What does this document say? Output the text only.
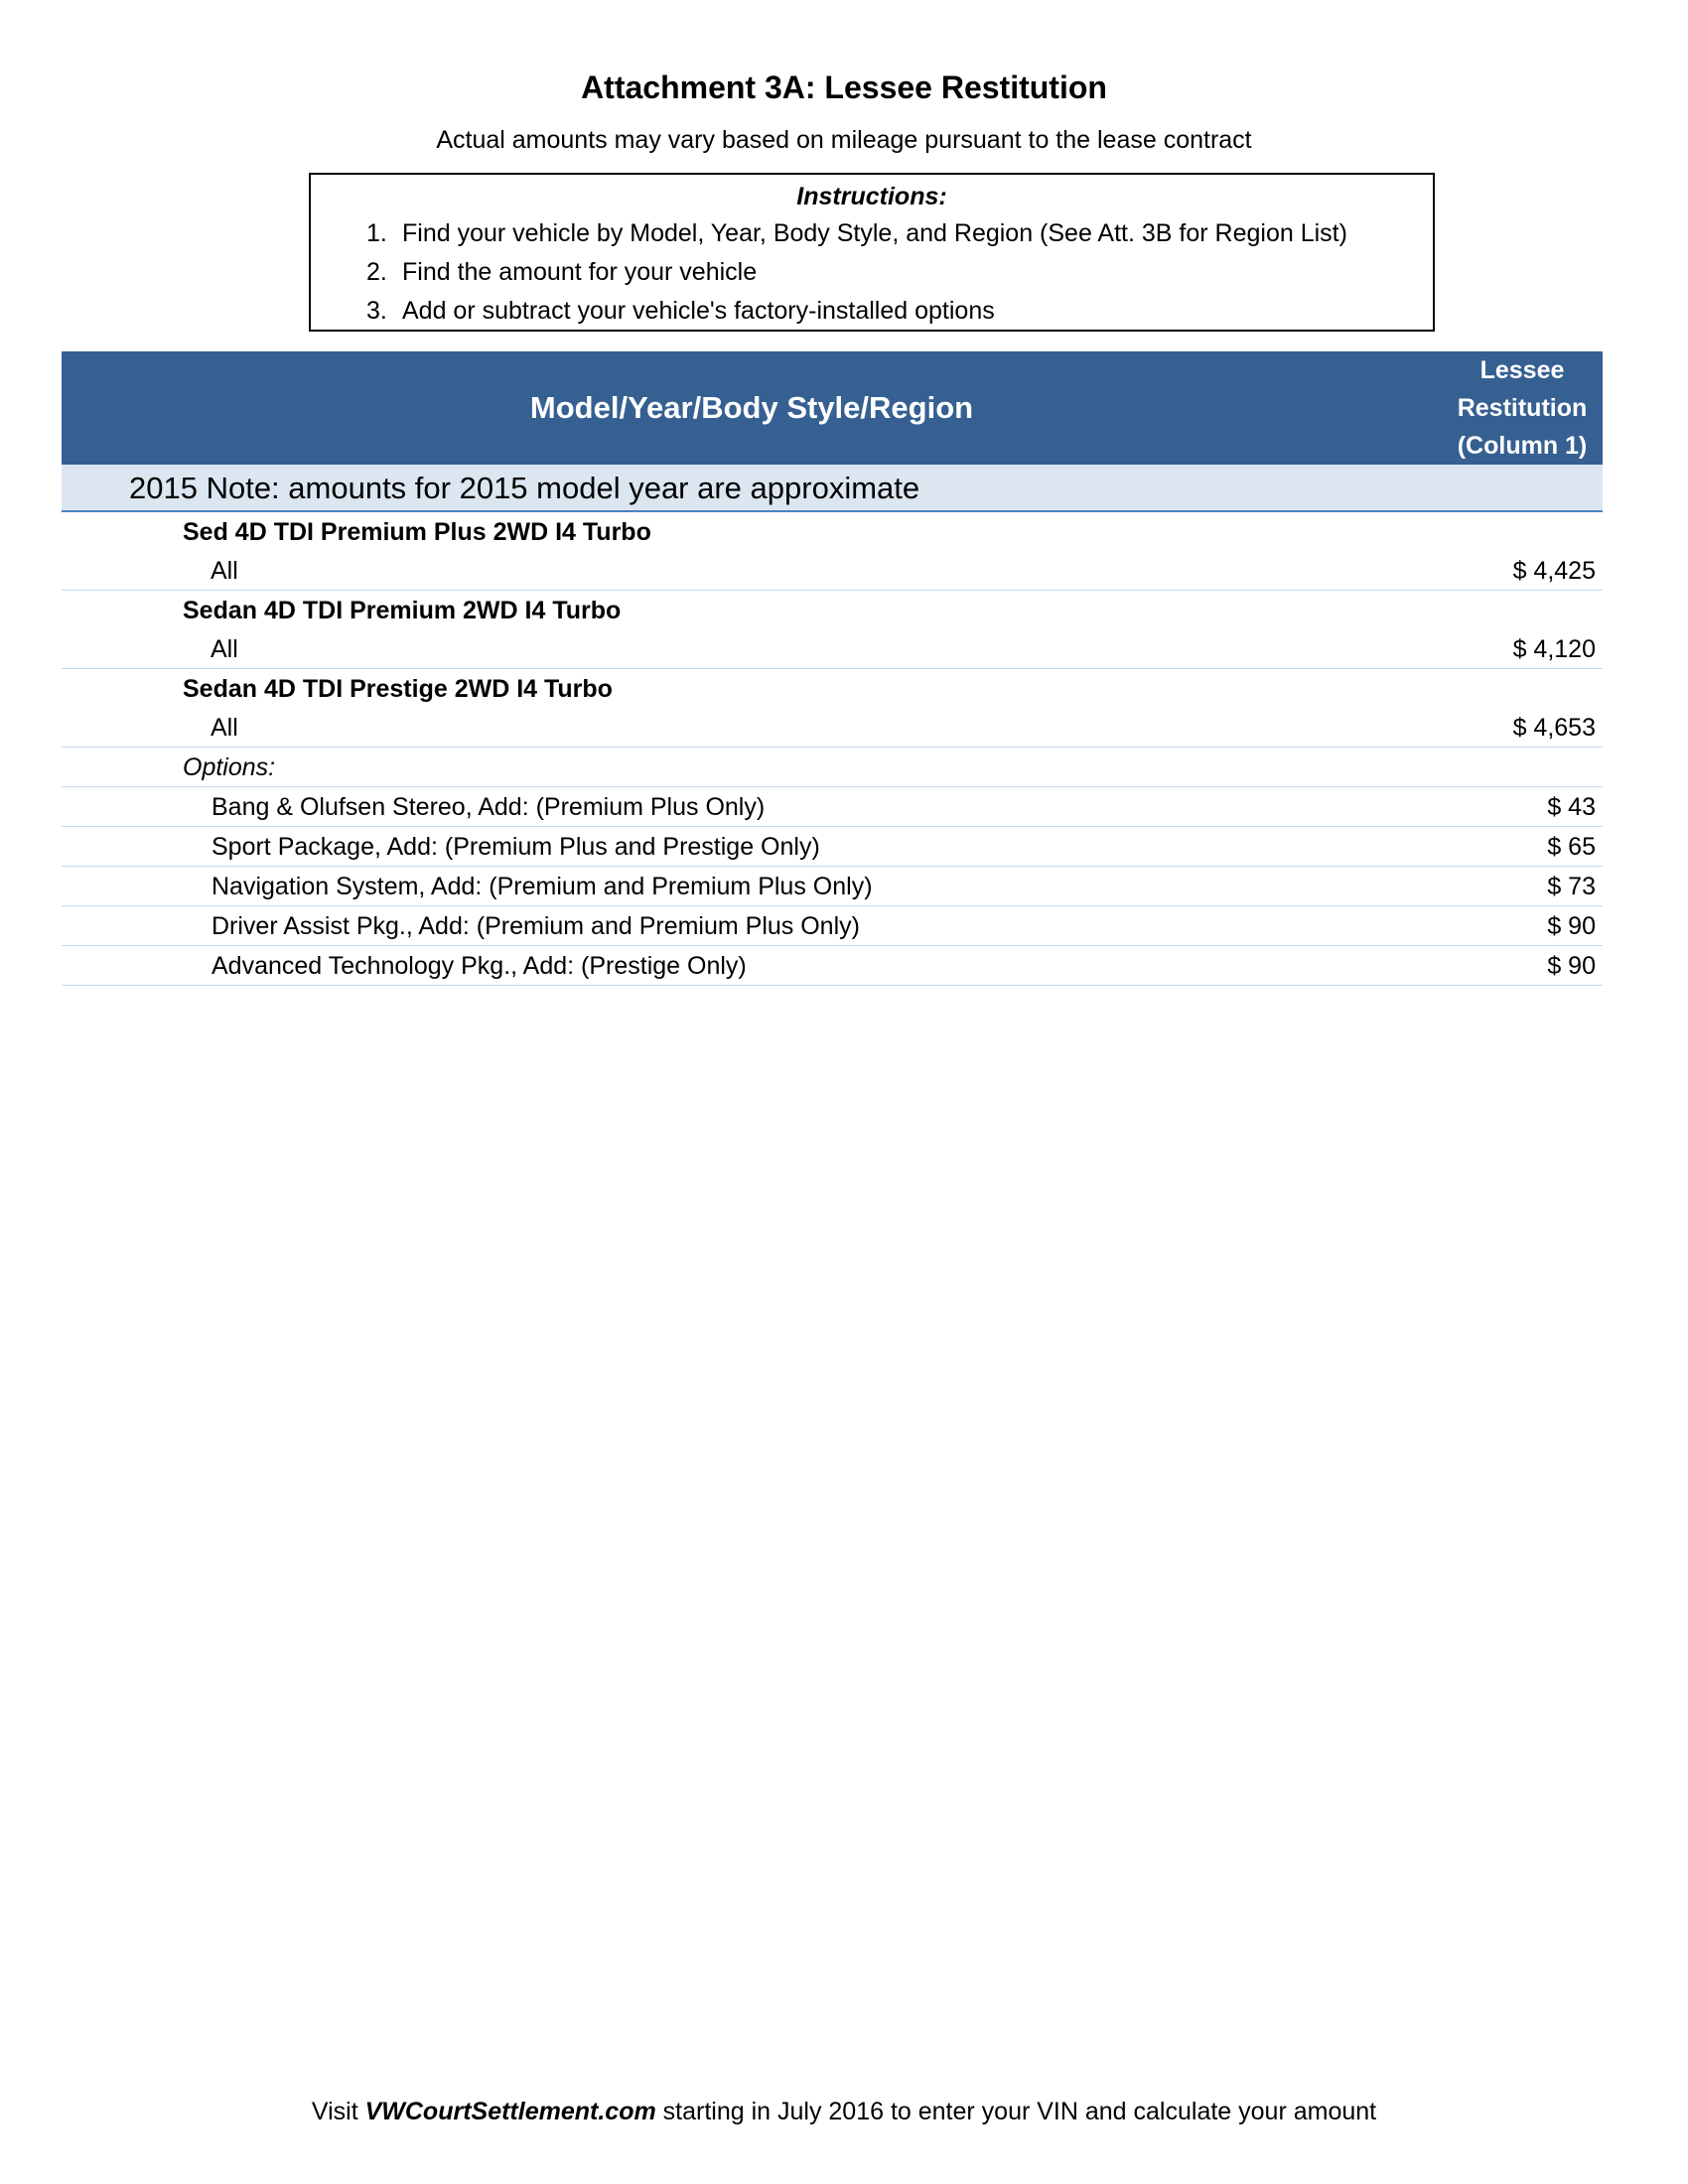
Attachment 3A: Lessee Restitution
Actual amounts may vary based on mileage pursuant to the lease contract
Instructions:
1. Find your vehicle by Model, Year, Body Style, and Region (See Att. 3B for Region List)
2. Find the amount for your vehicle
3. Add or subtract your vehicle's factory-installed options
Model/Year/Body Style/Region
Lessee
Restitution
(Column 1)
2015 Note: amounts for 2015 model year are approximate
Sed 4D TDI Premium Plus 2WD I4 Turbo
All	$ 4,425
Sedan 4D TDI Premium 2WD I4 Turbo
All	$ 4,120
Sedan 4D TDI Prestige 2WD I4 Turbo
All	$ 4,653
Options:
Bang & Olufsen Stereo, Add: (Premium Plus Only)	$ 43
Sport Package, Add: (Premium Plus and Prestige Only)	$ 65
Navigation System, Add: (Premium and Premium Plus Only)	$ 73
Driver Assist Pkg., Add: (Premium and Premium Plus Only)	$ 90
Advanced Technology Pkg., Add: (Prestige Only)	$ 90
Visit VWCourtSettlement.com starting in July 2016 to enter your VIN and calculate your amount
